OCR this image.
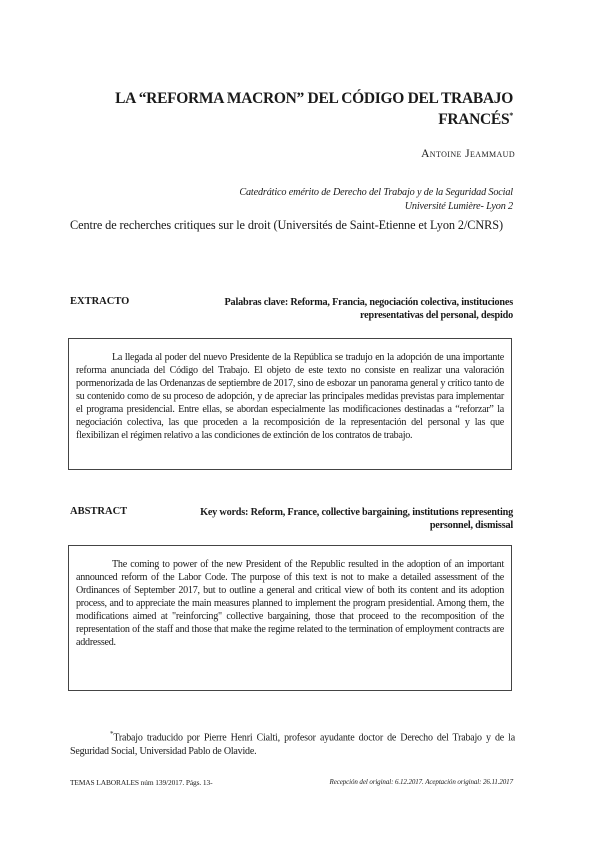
LA “REFORMA MACRON” DEL CÓDIGO DEL TRABAJO
FRANCÉS*
Antoine Jeammaud
Catedrático emérito de Derecho del Trabajo y de la Seguridad Social
Université Lumière- Lyon 2
Centre de recherches critiques sur le droit (Universités de Saint-Etienne et Lyon 2/CNRS)
EXTRACTO	Palabras clave: Reforma, Francia, negociación colectiva, instituciones representativas del personal, despido

La llegada al poder del nuevo Presidente de la República se tradujo en la adopción de una importante reforma anunciada del Código del Trabajo. El objeto de este texto no consiste en realizar una valoración pormenorizada de las Ordenanzas de septiembre de 2017, sino de esbozar un panorama general y crítico tanto de su contenido como de su proceso de adopción, y de apreciar las principales medidas previstas para implementar el programa presidencial. Entre ellas, se abordan especialmente las modificaciones destinadas a “reforzar” la negociación colectiva, las que proceden a la recomposición de la representación del personal y las que flexibilizan el régimen relativo a las condiciones de extinción de los contratos de trabajo.

ABSTRACT	Key words: Reform, France, collective bargaining, institutions representing personnel, dismissal

The coming to power of the new President of the Republic resulted in the adoption of an important announced reform of the Labor Code. The purpose of this text is not to make a detailed assessment of the Ordinances of September 2017, but to outline a general and critical view of both its content and its adoption process, and to appreciate the main measures planned to implement the program presidential. Among them, the modifications aimed at "reinforcing" collective bargaining, those that proceed to the recomposition of the representation of the staff and those that make the regime related to the termination of employment contracts are addressed.

*Trabajo traducido por Pierre Henri Cialti, profesor ayudante doctor de Derecho del Trabajo y de la Seguridad Social, Universidad Pablo de Olavide.
TEMAS LABORALES núm 139/2017. Págs. 13-	Recepción del original: 6.12.2017. Aceptación original: 26.11.2017
